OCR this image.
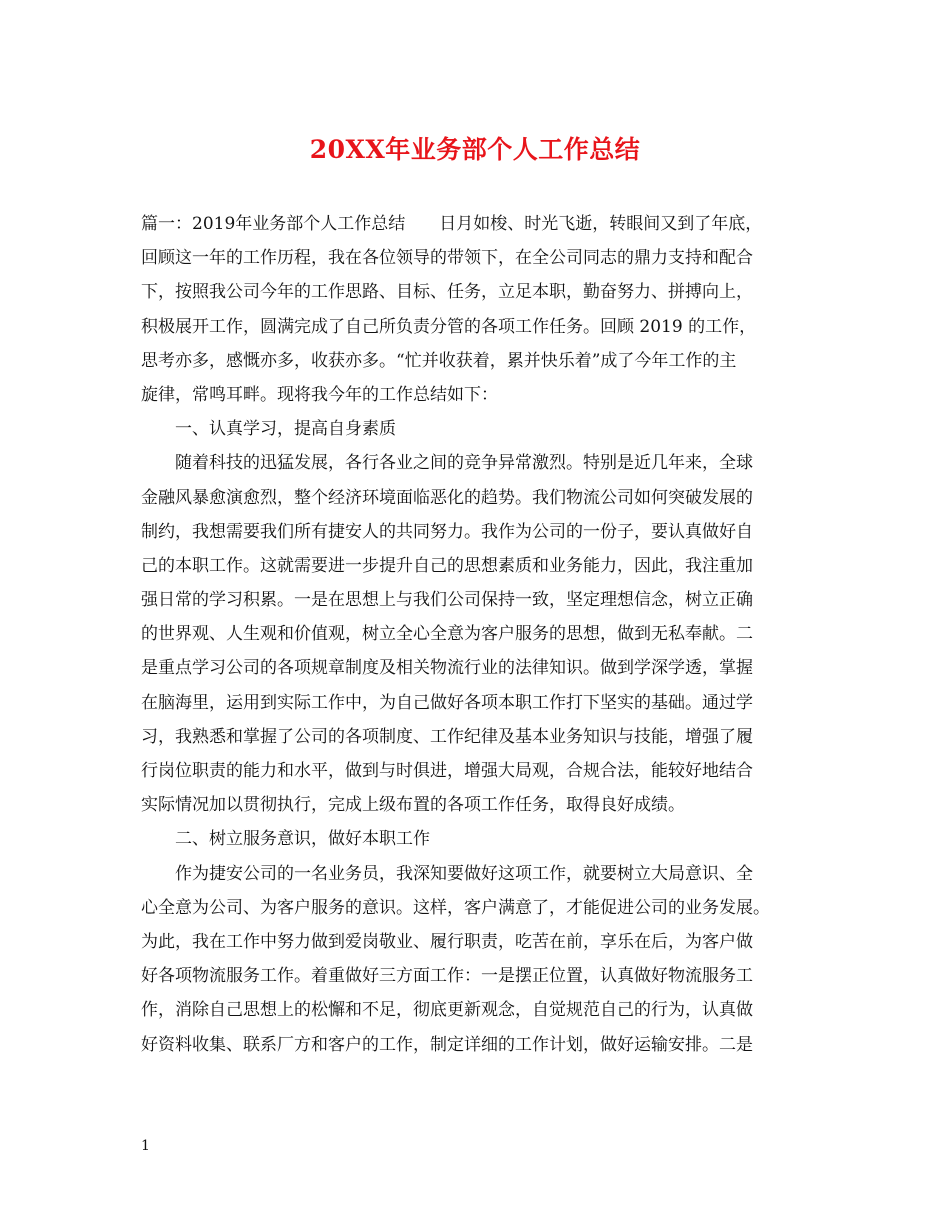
20XX年业务部个人工作总结
篇一：2019年业务部个人工作总结　　日月如梭、时光飞逝，转眼间又到了年底，
回顾这一年的工作历程，我在各位领导的带领下，在全公司同志的鼎力支持和配合
下，按照我公司今年的工作思路、目标、任务，立足本职，勤奋努力、拼搏向上，
积极展开工作，圆满完成了自己所负责分管的各项工作任务。回顾 2019 的工作，
思考亦多，感慨亦多，收获亦多。“忙并收获着，累并快乐着”成了今年工作的主
旋律，常鸣耳畔。现将我今年的工作总结如下：
一、认真学习，提高自身素质
随着科技的迅猛发展，各行各业之间的竞争异常激烈。特别是近几年来，全球
金融风暴愈演愈烈，整个经济环境面临恶化的趋势。我们物流公司如何突破发展的
制约，我想需要我们所有捷安人的共同努力。我作为公司的一份子，要认真做好自
己的本职工作。这就需要进一步提升自己的思想素质和业务能力，因此，我注重加
强日常的学习积累。一是在思想上与我们公司保持一致，坚定理想信念，树立正确
的世界观、人生观和价值观，树立全心全意为客户服务的思想，做到无私奉献。二
是重点学习公司的各项规章制度及相关物流行业的法律知识。做到学深学透，掌握
在脑海里，运用到实际工作中，为自己做好各项本职工作打下坚实的基础。通过学
习，我熟悉和掌握了公司的各项制度、工作纪律及基本业务知识与技能，增强了履
行岗位职责的能力和水平，做到与时俱进，增强大局观，合规合法，能较好地结合
实际情况加以贯彻执行，完成上级布置的各项工作任务，取得良好成绩。
二、树立服务意识，做好本职工作
作为捷安公司的一名业务员，我深知要做好这项工作，就要树立大局意识、全
心全意为公司、为客户服务的意识。这样，客户满意了，才能促进公司的业务发展。
为此，我在工作中努力做到爱岗敬业、履行职责，吃苦在前，享乐在后，为客户做
好各项物流服务工作。着重做好三方面工作：一是摆正位置，认真做好物流服务工
作，消除自己思想上的松懈和不足，彻底更新观念，自觉规范自己的行为，认真做
好资料收集、联系厂方和客户的工作，制定详细的工作计划，做好运输安排。二是
1
